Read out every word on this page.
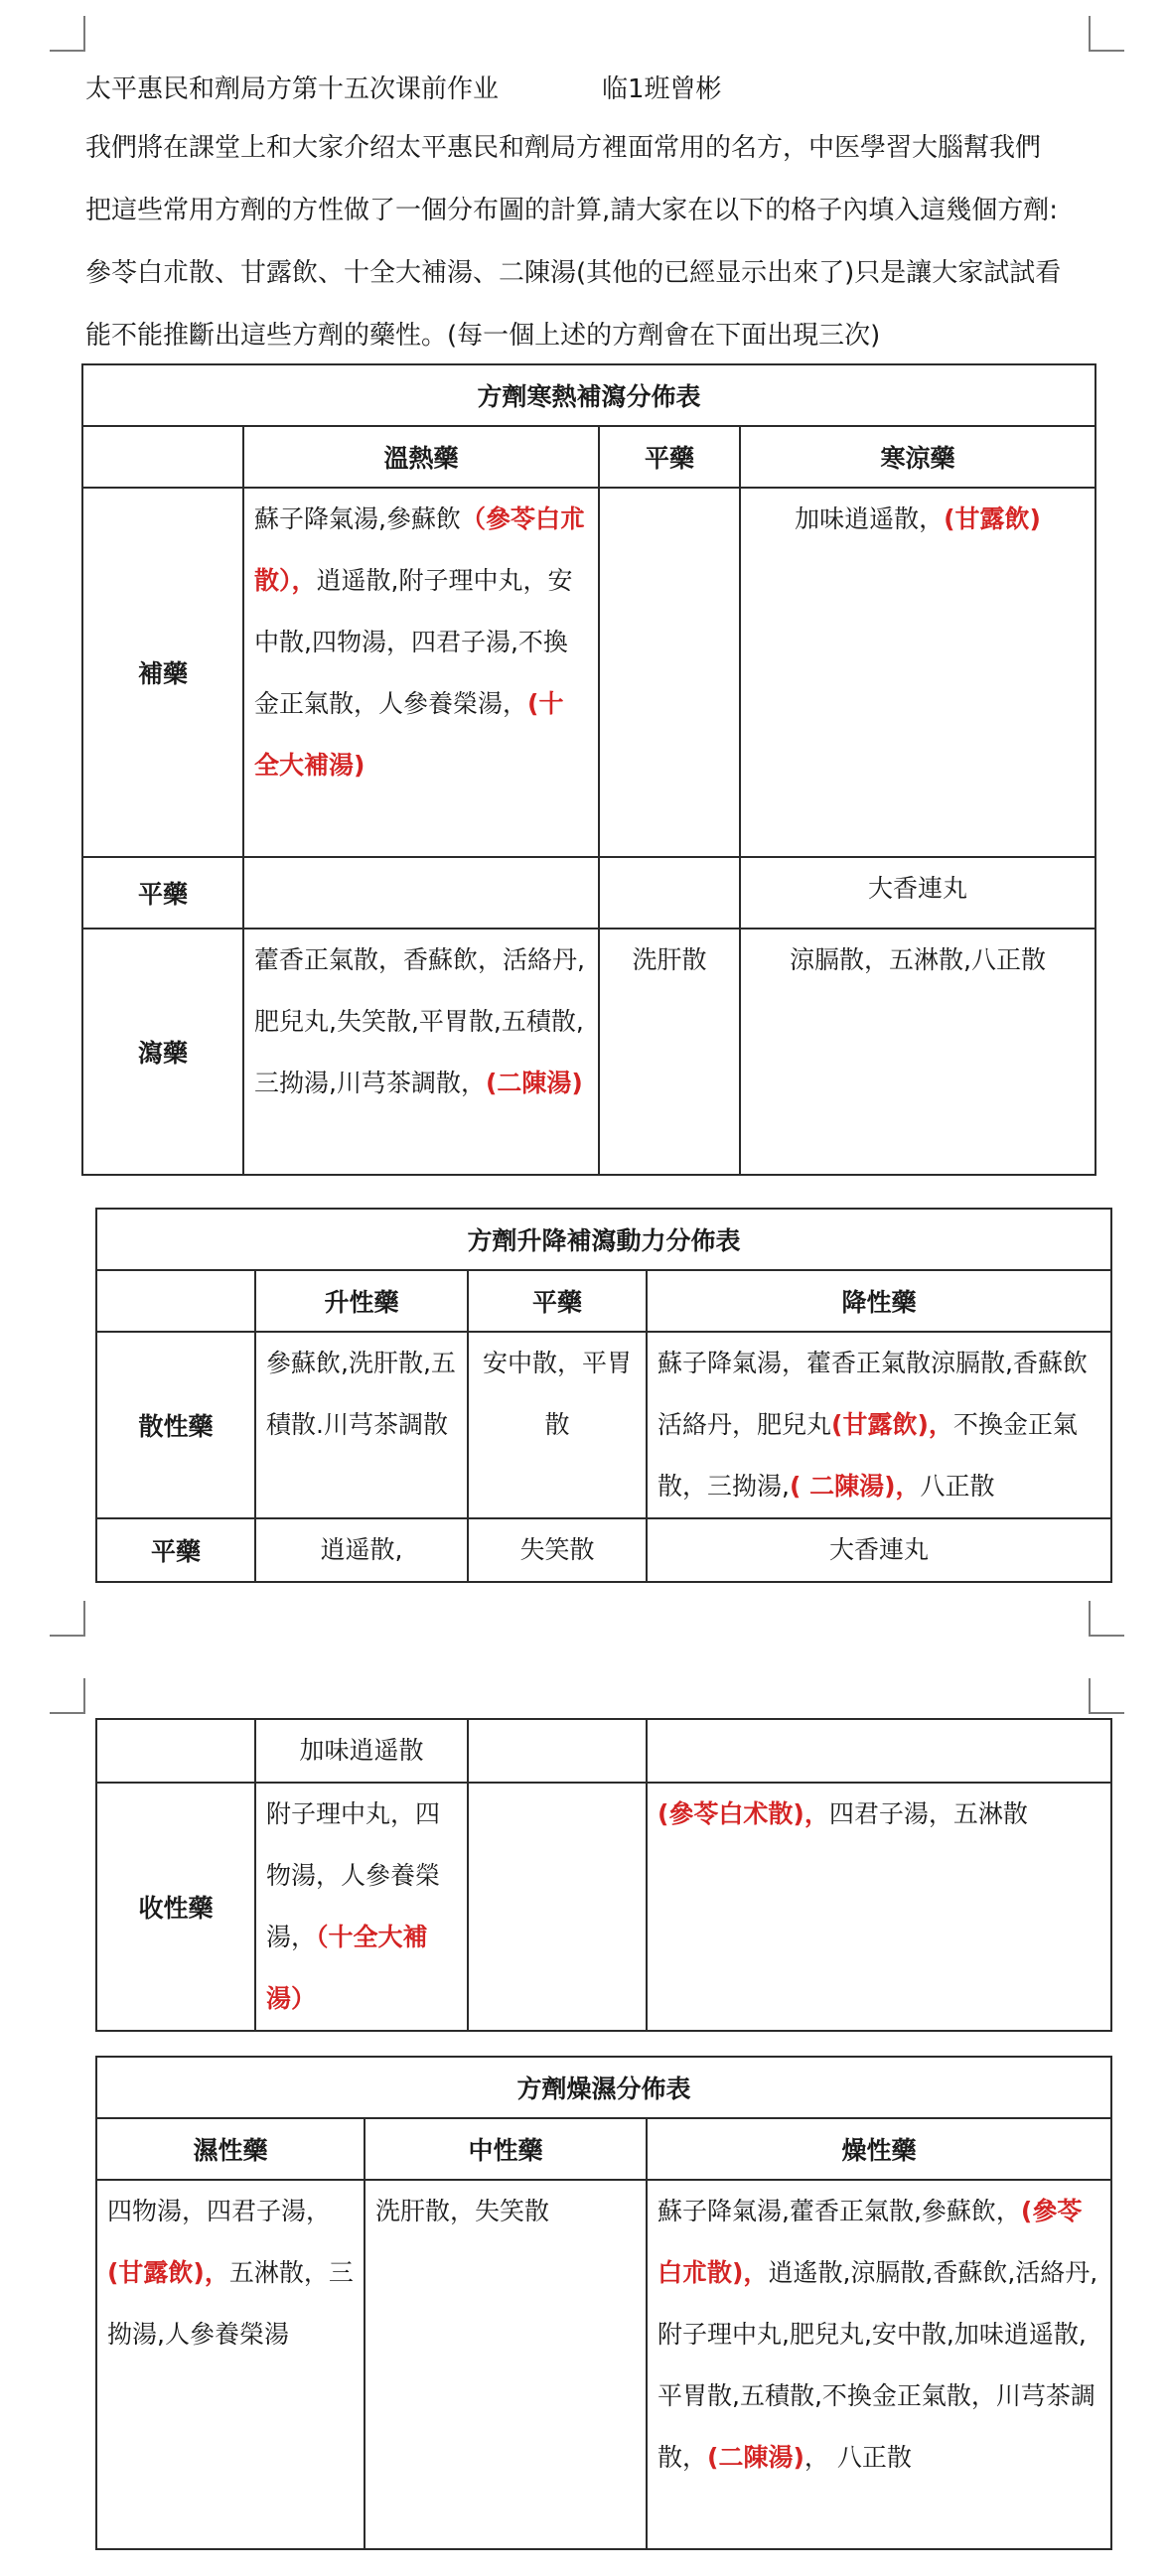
太平惠民和劑局方第十五次课前作业	临1班曾彬

我們將在課堂上和大家介绍太平惠民和劑局方裡面常用的名方，中医學習大腦幫我們

把這些常用方劑的方性做了一個分布圖的計算,請大家在以下的格子內填入這幾個方劑:

參苓白朮散、甘露飲、十全大補湯、二陳湯(其他的已經显示出來了)只是讓大家試試看

能不能推斷出這些方劑的藥性。(每一個上述的方劑會在下面出現三次)

方劑寒熱補瀉分佈表			
	溫熱藥	平藥	寒涼藥
補藥	蘇子降氣湯,參蘇飲（參苓白朮散），逍遥散,附子理中丸，安中散,四物湯，四君子湯,不換金正氣散，人參養榮湯，(十全大補湯)		加味逍遥散，(甘露飲)
平藥			大香連丸
瀉藥	藿香正氣散，香蘇飲，活絡丹,肥兒丸,失笑散,平胃散,五積散,三拗湯,川芎茶調散，(二陳湯)	洗肝散	涼膈散，五淋散,八正散
方劑升降補瀉動力分佈表			
	升性藥	平藥	降性藥
散性藥	參蘇飲,洗肝散,五積散.川芎茶調散	安中散，平胃散	蘇子降氣湯，藿香正氣散涼膈散,香蘇飲活絡丹，肥兒丸(甘露飲)，不換金正氣散，三拗湯,( 二陳湯)，八正散
平藥	逍遥散,	失笑散	大香連丸
	加味逍遥散		
收性藥	附子理中丸，四物湯，人參養榮湯，（十全大補湯）		(參苓白术散)，四君子湯，五淋散
方劑燥濕分佈表		
濕性藥	中性藥	燥性藥
四物湯，四君子湯，(甘露飲)，五淋散，三拗湯,人參養榮湯	洗肝散，失笑散	蘇子降氣湯,藿香正氣散,參蘇飲，(參苓白朮散)，逍遙散,涼膈散,香蘇飲,活絡丹,附子理中丸,肥兒丸,安中散,加味逍遥散,平胃散,五積散,不換金正氣散，川芎茶調散，(二陳湯)， 八正散
